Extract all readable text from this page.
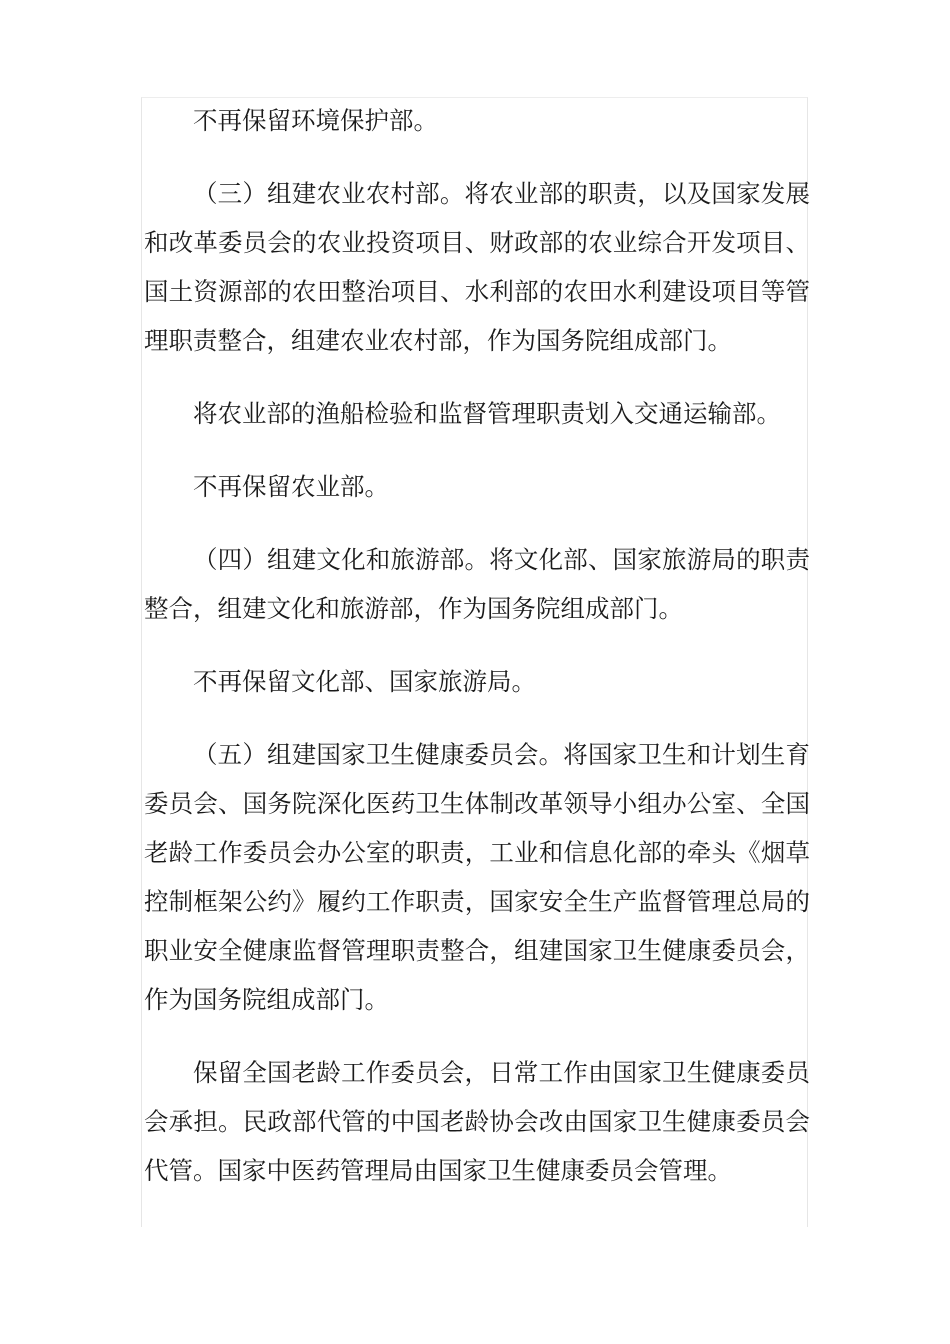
不再保留环境保护部。

（三）组建农业农村部。将农业部的职责，以及国家发展和改革委员会的农业投资项目、财政部的农业综合开发项目、国土资源部的农田整治项目、水利部的农田水利建设项目等管理职责整合，组建农业农村部，作为国务院组成部门。

将农业部的渔船检验和监督管理职责划入交通运输部。

不再保留农业部。

（四）组建文化和旅游部。将文化部、国家旅游局的职责整合，组建文化和旅游部，作为国务院组成部门。

不再保留文化部、国家旅游局。

（五）组建国家卫生健康委员会。将国家卫生和计划生育委员会、国务院深化医药卫生体制改革领导小组办公室、全国老龄工作委员会办公室的职责，工业和信息化部的牵头《烟草控制框架公约》履约工作职责，国家安全生产监督管理总局的职业安全健康监督管理职责整合，组建国家卫生健康委员会，作为国务院组成部门。

保留全国老龄工作委员会，日常工作由国家卫生健康委员会承担。民政部代管的中国老龄协会改由国家卫生健康委员会代管。国家中医药管理局由国家卫生健康委员会管理。
